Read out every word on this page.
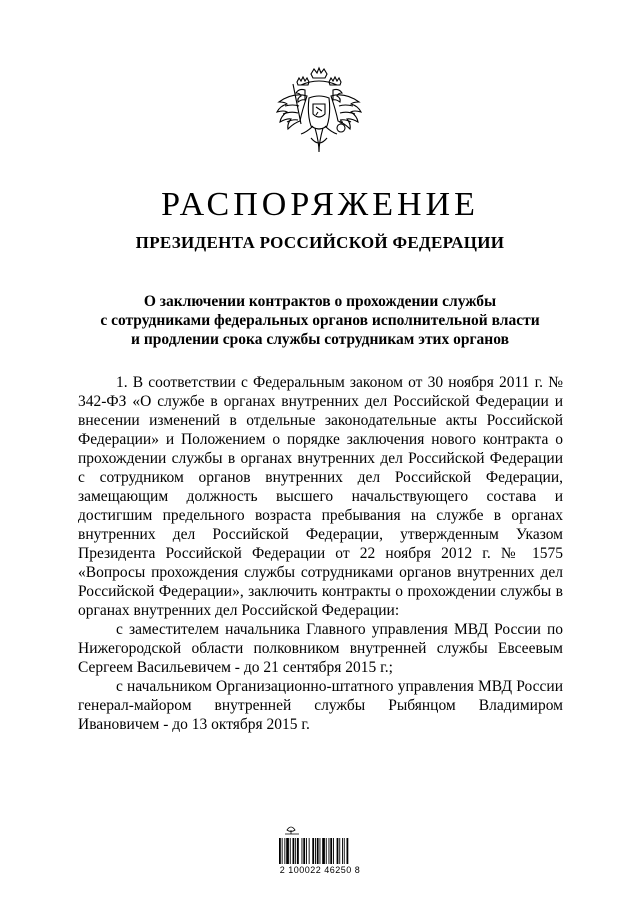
РАСПОРЯЖЕНИЕ
ПРЕЗИДЕНТА РОССИЙСКОЙ ФЕДЕРАЦИИ
О заключении контрактов о прохождении службы
с сотрудниками федеральных органов исполнительной власти
и продлении срока службы сотрудникам этих органов

1. В соответствии с Федеральным законом от 30 ноября 2011 г. № 342-ФЗ «О службе в органах внутренних дел Российской Федерации и внесении изменений в отдельные законодательные акты Российской Федерации» и Положением о порядке заключения нового контракта о прохождении службы в органах внутренних дел Российской Федерации с сотрудником органов внутренних дел Российской Федерации, замещающим должность высшего начальствующего состава и достигшим предельного возраста пребывания на службе в органах внутренних дел Российской Федерации, утвержденным Указом Президента Российской Федерации от 22 ноября 2012 г. № 1575 «Вопросы прохождения службы сотрудниками органов внутренних дел Российской Федерации», заключить контракты о прохождении службы в органах внутренних дел Российской Федерации:

с заместителем начальника Главного управления МВД России по Нижегородской области полковником внутренней службы Евсеевым Сергеем Васильевичем - до 21 сентября 2015 г.;

с начальником Организационно-штатного управления МВД России генерал-майором внутренней службы Рыбянцом Владимиром Ивановичем - до 13 октября 2015 г.

2 100022 46250 8
